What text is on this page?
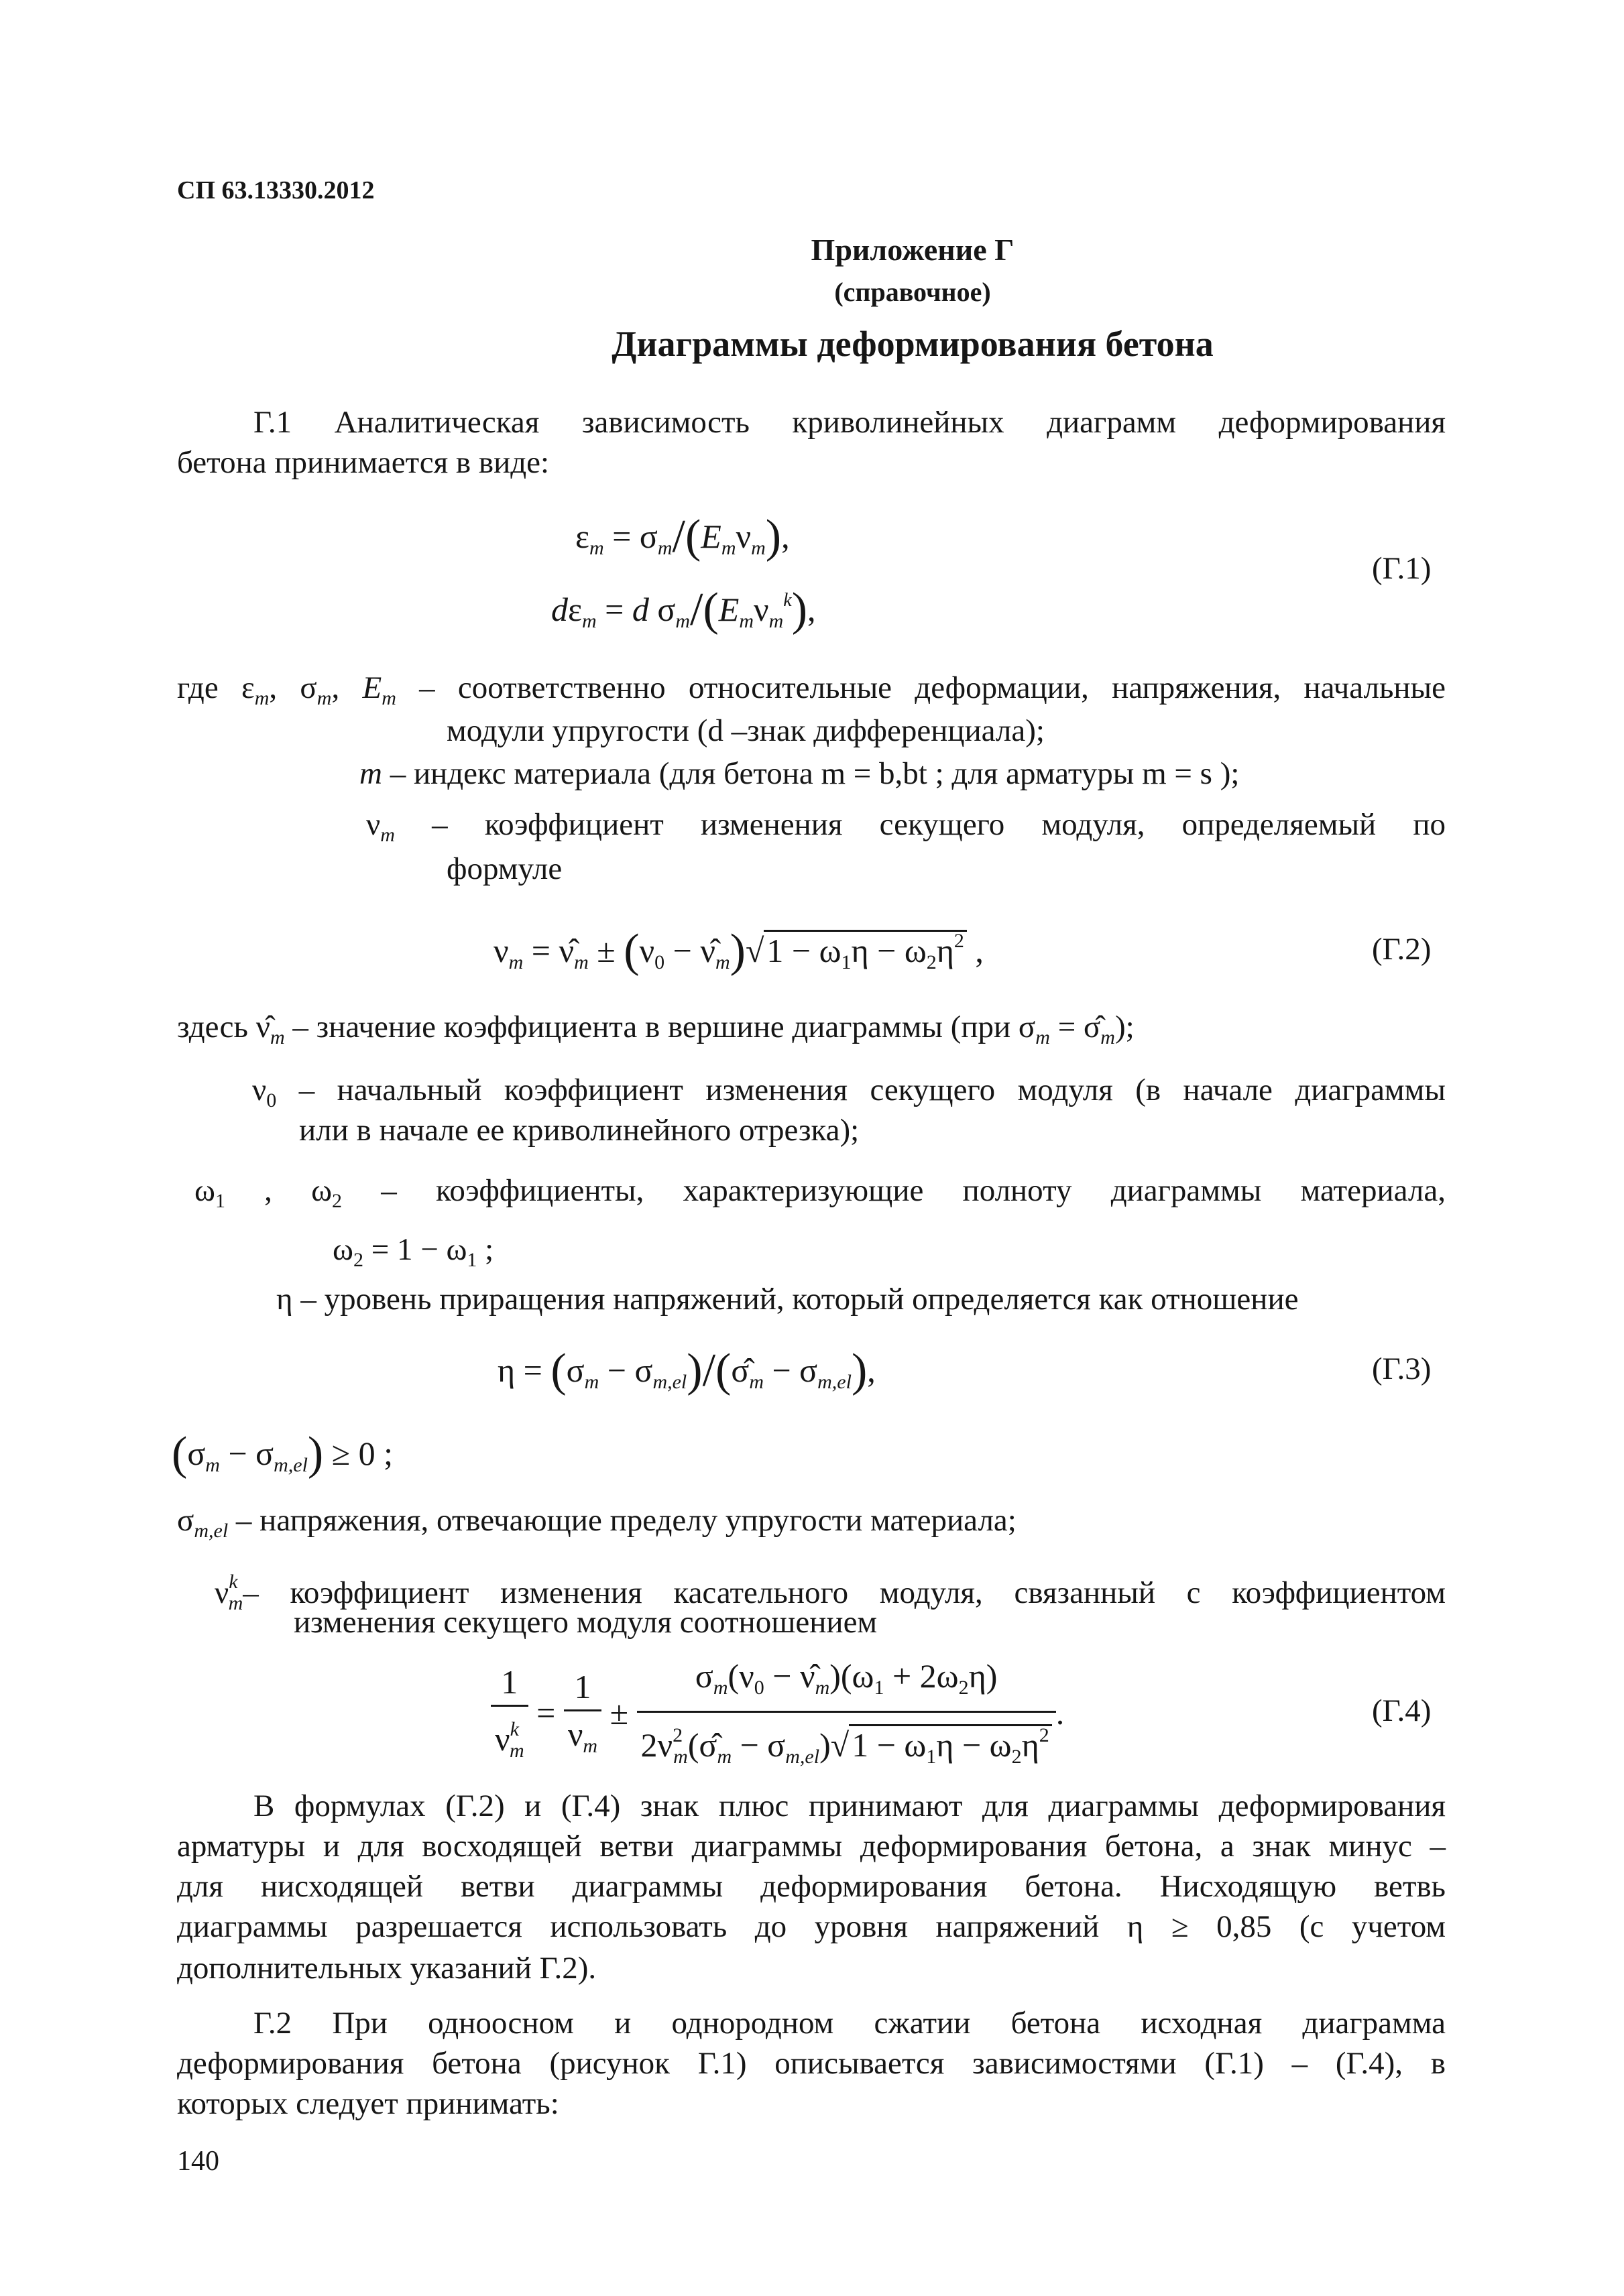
СП 63.13330.2012
Приложение Г
(справочное)
Диаграммы деформирования бетона
Г.1 Аналитическая зависимость криволинейных диаграмм деформирования
бетона принимается в виде:
$\varepsilon_m = \sigma_m/(E_m\nu_m)$,
$d\varepsilon_m = d$ $\sigma_m/(E_m\nu_m^k)$,
(Г.1)
где $\varepsilon_m$, $\sigma_m$, $E_m$ – соответственно относительные деформации, напряжения, начальные
модули упругости (d –знак дифференциала);
m – индекс материала (для бетона m = b,bt ; для арматуры m = s );
$\nu_m$ – коэффициент изменения секущего модуля, определяемый по
формуле
$\nu_m$ = $\nû_m \pm (\nu_0$ − $\nû_m)√1 - \omega_1\eta - \omega_2\eta^2$ ,	(Г.2)
здесь $\nû_m$ – значение коэффициента в вершине диаграммы (при $\sigma_m$ = $\sigmâ_m$);
$\nu_0$ – начальный коэффициент изменения секущего модуля (в начале диаграммы
или в начале ее криволинейного отрезка);
$\omega_1$ , $\omega_2$ – коэффициенты, характеризующие полноту диаграммы материала,
$\omega_2 = 1 - \omega_1$ ;
η – уровень приращения напряжений, который определяется как отношение
$\eta = (\sigma_m$ − $\sigma_{m,el})/(\sigmâ_m - \sigma_{m,el})$,	(Г.3)
$(\sigma_m - \sigma_{m,el}) \ge 0$ ;
$\sigma_{m,el}$ – напряжения, отвечающие пределу упругости материала;
$\nu^k_m-$ коэффициент изменения касательного модуля, связанный с коэффициентом
изменения секущего модуля соотношением
$\frac{1}{\nu^k_m} = \frac{1}{\nu_m} \pm \frac{\sigma_m(\nu_0 - \nû_m)(\omega_1 + 2\omega_2\eta)}{2\nu^2_m(\sigmâ_m - \sigma_{m,el})√1 - \omega_1\eta - \omega_2\eta^2}$ .	(Г.4)
В формулах (Г.2) и (Г.4) знак плюс принимают для диаграммы деформирования
арматуры и для восходящей ветви диаграммы деформирования бетона, а знак минус –
для нисходящей ветви диаграммы деформирования бетона. Нисходящую ветвь
диаграммы разрешается использовать до уровня напряжений η ≥ 0,85 (с учетом
дополнительных указаний Г.2).
Г.2 При одноосном и однородном сжатии бетона исходная диаграмма
деформирования бетона (рисунок Г.1) описывается зависимостями (Г.1) – (Г.4), в
которых следует принимать:
140
